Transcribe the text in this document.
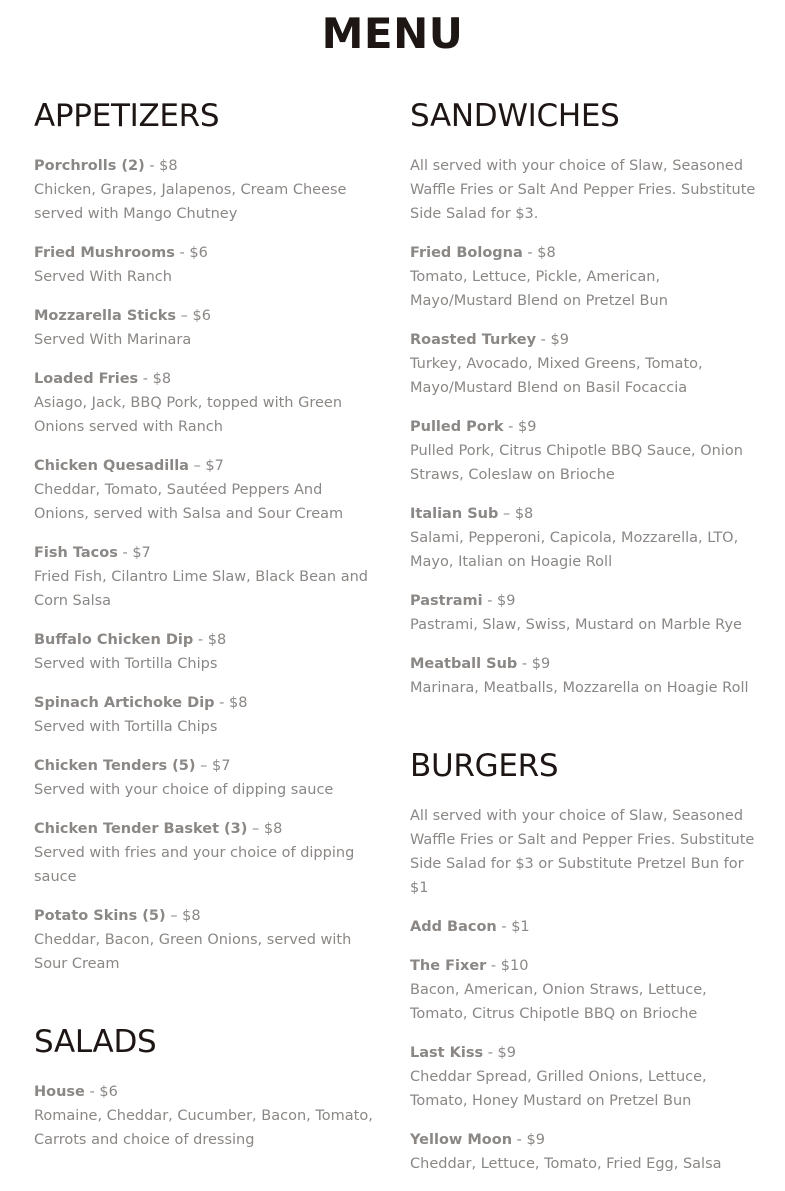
MENU
APPETIZERS
Porchrolls (2) - $8
Chicken, Grapes, Jalapenos, Cream Cheese served with Mango Chutney
Fried Mushrooms - $6
Served With Ranch
Mozzarella Sticks – $6
Served With Marinara
Loaded Fries - $8
Asiago, Jack, BBQ Pork, topped with Green Onions served with Ranch
Chicken Quesadilla – $7
Cheddar, Tomato, Sautéed Peppers And Onions, served with Salsa and Sour Cream
Fish Tacos - $7
Fried Fish, Cilantro Lime Slaw, Black Bean and Corn Salsa
Buffalo Chicken Dip - $8
Served with Tortilla Chips
Spinach Artichoke Dip - $8
Served with Tortilla Chips
Chicken Tenders (5) – $7
Served with your choice of dipping sauce
Chicken Tender Basket (3) – $8
Served with fries and your choice of dipping sauce
Potato Skins (5) – $8
Cheddar, Bacon, Green Onions, served with Sour Cream
SALADS
House - $6
Romaine, Cheddar, Cucumber, Bacon, Tomato, Carrots and choice of dressing
SANDWICHES

All served with your choice of Slaw, Seasoned Waffle Fries or Salt And Pepper Fries. Substitute Side Salad for $3.

Fried Bologna - $8
Tomato, Lettuce, Pickle, American, Mayo/Mustard Blend on Pretzel Bun
Roasted Turkey - $9
Turkey, Avocado, Mixed Greens, Tomato, Mayo/Mustard Blend on Basil Focaccia
Pulled Pork - $9
Pulled Pork, Citrus Chipotle BBQ Sauce, Onion Straws, Coleslaw on Brioche
Italian Sub – $8
Salami, Pepperoni, Capicola, Mozzarella, LTO, Mayo, Italian on Hoagie Roll
Pastrami - $9
Pastrami, Slaw, Swiss, Mustard on Marble Rye
Meatball Sub - $9
Marinara, Meatballs, Mozzarella on Hoagie Roll
BURGERS

All served with your choice of Slaw, Seasoned Waffle Fries or Salt and Pepper Fries. Substitute Side Salad for $3 or Substitute Pretzel Bun for $1

Add Bacon - $1
The Fixer - $10
Bacon, American, Onion Straws, Lettuce, Tomato, Citrus Chipotle BBQ on Brioche
Last Kiss - $9
Cheddar Spread, Grilled Onions, Lettuce, Tomato, Honey Mustard on Pretzel Bun
Yellow Moon - $9
Cheddar, Lettuce, Tomato, Fried Egg, Salsa
